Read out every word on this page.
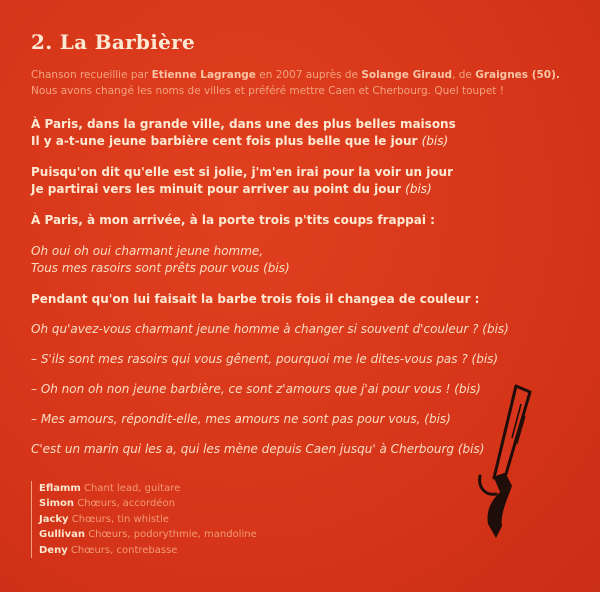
2. La Barbière
Chanson recueillie par Etienne Lagrange en 2007 auprès de Solange Giraud, de Graignes (50).
Nous avons changé les noms de villes et préféré mettre Caen et Cherbourg. Quel toupet !
À Paris, dans la grande ville, dans une des plus belles maisons
Il y a-t-une jeune barbière cent fois plus belle que le jour (bis)
Puisqu'on dit qu'elle est si jolie, j'm'en irai pour la voir un jour
Je partirai vers les minuit pour arriver au point du jour (bis)
À Paris, à mon arrivée, à la porte trois p'tits coups frappai :
Oh oui oh oui charmant jeune homme,
Tous mes rasoirs sont prêts pour vous (bis)
Pendant qu'on lui faisait la barbe trois fois il changea de couleur :
Oh qu'avez-vous charmant jeune homme à changer si souvent d'couleur ? (bis)
– S'ils sont mes rasoirs qui vous gênent, pourquoi me le dites-vous pas ? (bis)
– Oh non oh non jeune barbière, ce sont z'amours que j'ai pour vous ! (bis)
– Mes amours, répondit-elle, mes amours ne sont pas pour vous, (bis)
C'est un marin qui les a, qui les mène depuis Caen jusqu' à Cherbourg (bis)
Eflamm Chant lead, guitare
Simon Chœurs, accordéon
Jacky Chœurs, tin whistle
Gullivan Chœurs, podorythmie, mandoline
Deny Chœurs, contrebasse
